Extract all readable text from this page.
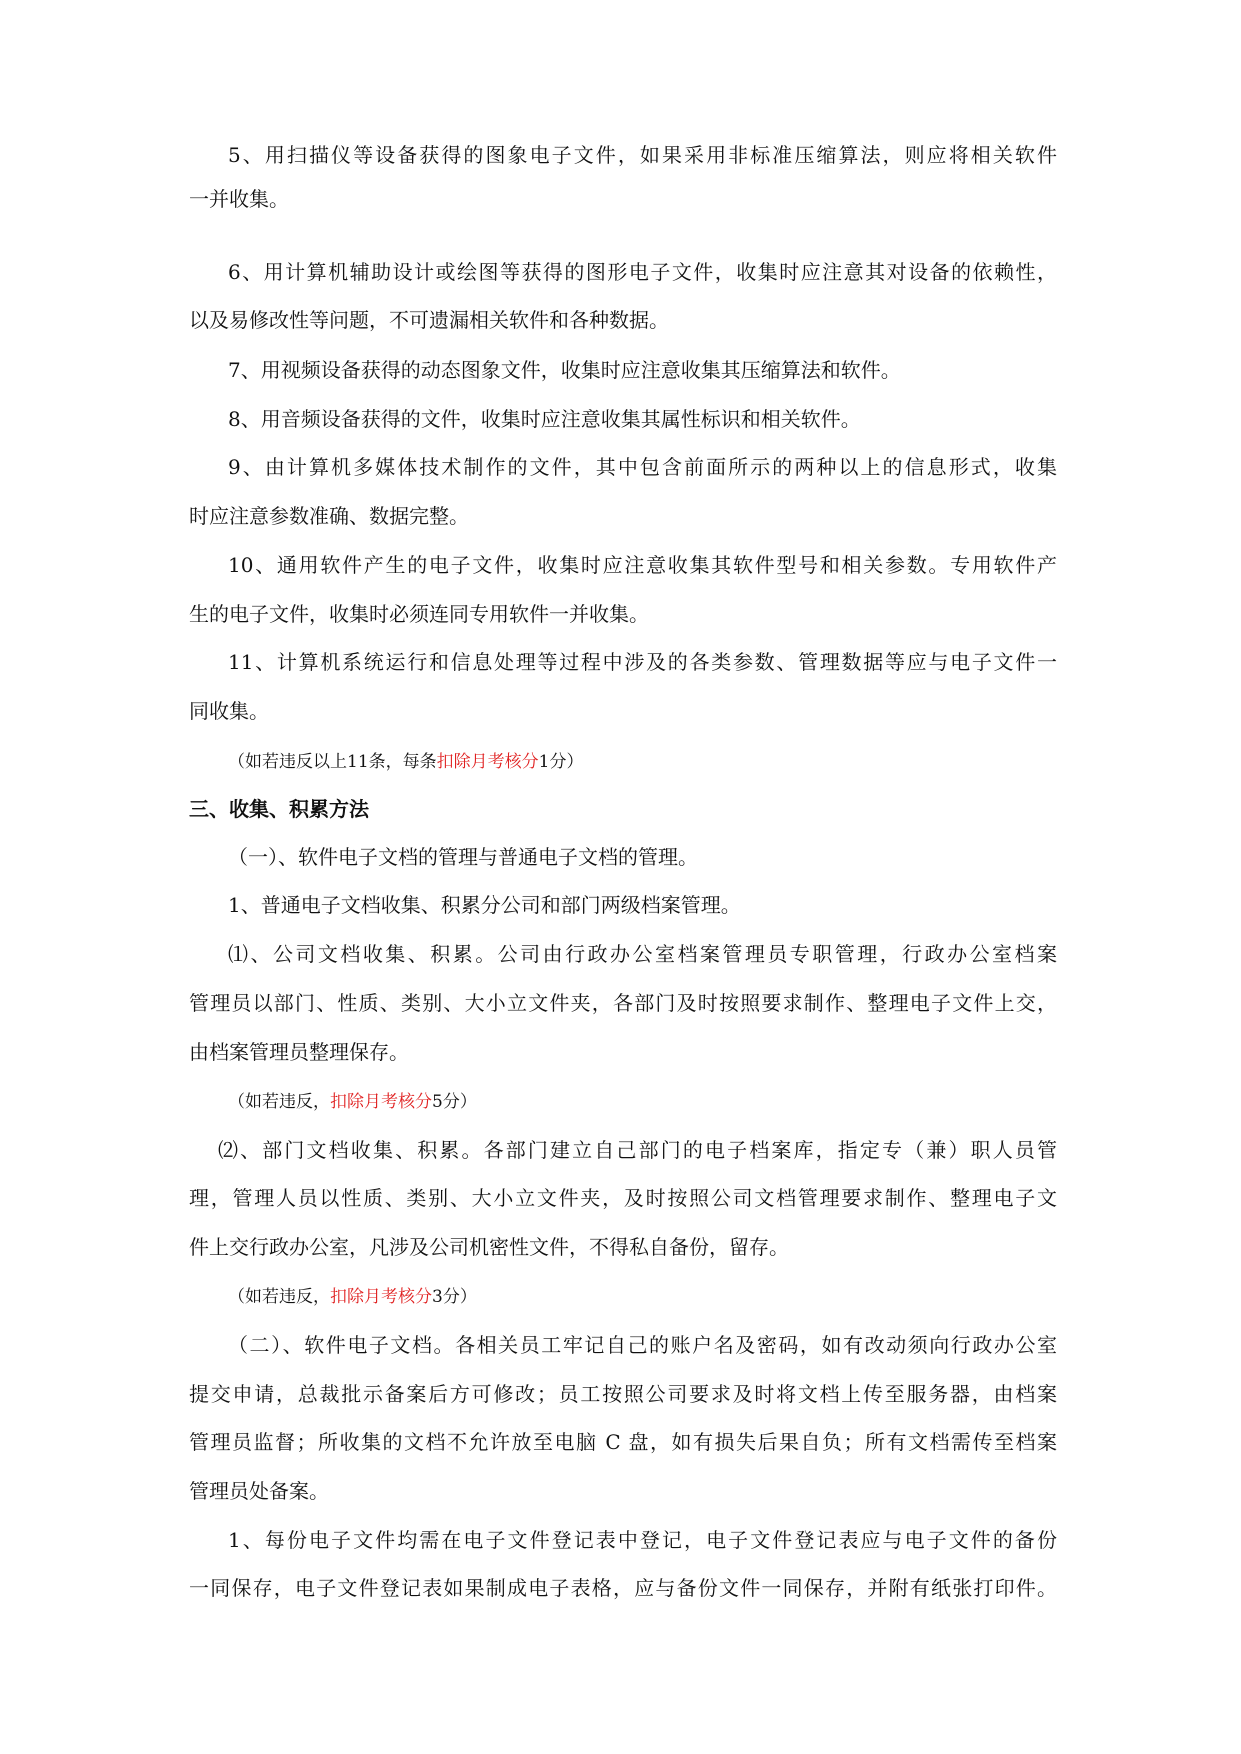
5、用扫描仪等设备获得的图象电子文件，如果采用非标准压缩算法，则应将相关软件
一并收集。
6、用计算机辅助设计或绘图等获得的图形电子文件，收集时应注意其对设备的依赖性，
以及易修改性等问题，不可遗漏相关软件和各种数据。
7、用视频设备获得的动态图象文件，收集时应注意收集其压缩算法和软件。
8、用音频设备获得的文件，收集时应注意收集其属性标识和相关软件。
9、由计算机多媒体技术制作的文件，其中包含前面所示的两种以上的信息形式，收集
时应注意参数准确、数据完整。
10、通用软件产生的电子文件，收集时应注意收集其软件型号和相关参数。专用软件产
生的电子文件，收集时必须连同专用软件一并收集。
11、计算机系统运行和信息处理等过程中涉及的各类参数、管理数据等应与电子文件一
同收集。
（如若违反以上11条，每条扣除月考核分1分）
三、收集、积累方法
（一）、软件电子文档的管理与普通电子文档的管理。
1、普通电子文档收集、积累分公司和部门两级档案管理。
⑴、公司文档收集、积累。公司由行政办公室档案管理员专职管理，行政办公室档案
管理员以部门、性质、类别、大小立文件夹，各部门及时按照要求制作、整理电子文件上交，
由档案管理员整理保存。
（如若违反，扣除月考核分5分）
⑵、部门文档收集、积累。各部门建立自己部门的电子档案库，指定专（兼）职人员管
理，管理人员以性质、类别、大小立文件夹，及时按照公司文档管理要求制作、整理电子文
件上交行政办公室，凡涉及公司机密性文件，不得私自备份，留存。
（如若违反，扣除月考核分3分）
（二）、软件电子文档。各相关员工牢记自己的账户名及密码，如有改动须向行政办公室
提交申请，总裁批示备案后方可修改；员工按照公司要求及时将文档上传至服务器，由档案
管理员监督；所收集的文档不允许放至电脑 C 盘，如有损失后果自负；所有文档需传至档案
管理员处备案。
1、每份电子文件均需在电子文件登记表中登记，电子文件登记表应与电子文件的备份
一同保存，电子文件登记表如果制成电子表格，应与备份文件一同保存，并附有纸张打印件。
